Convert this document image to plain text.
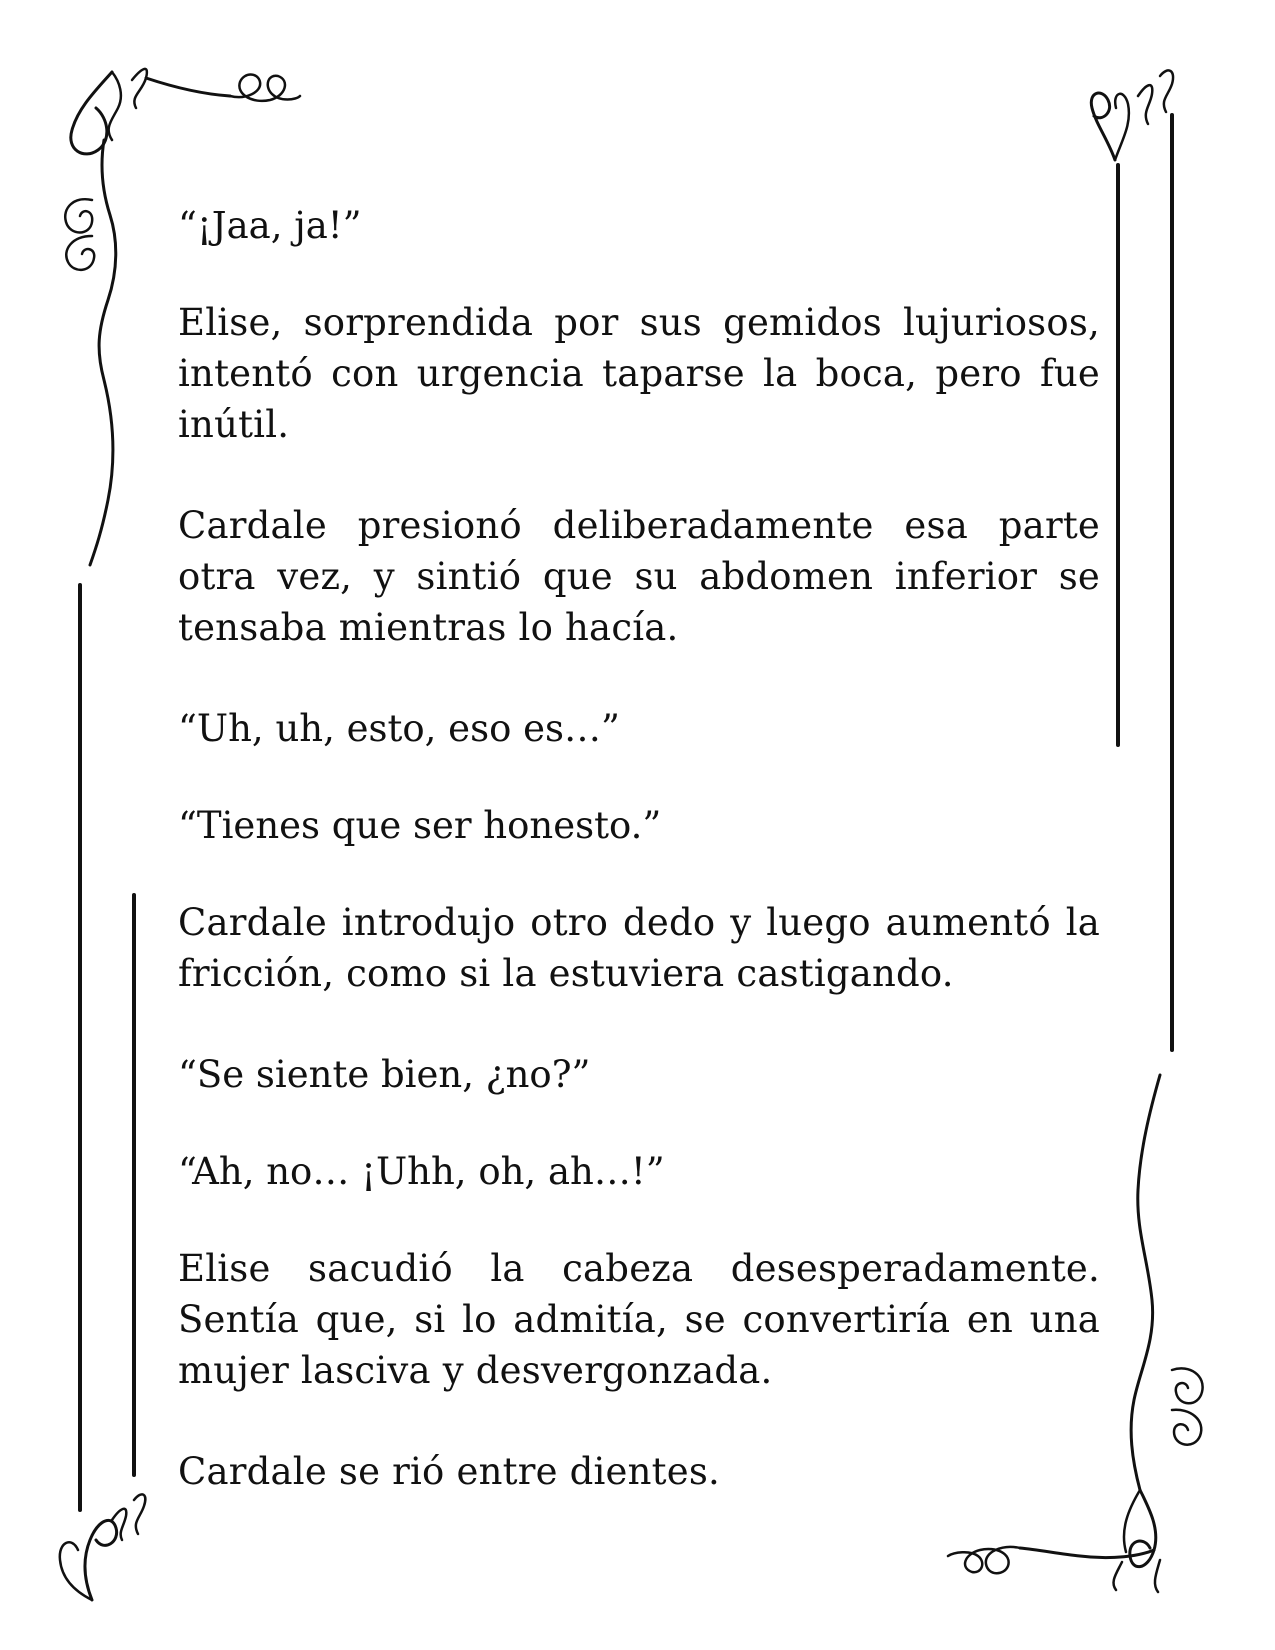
“¡Jaa, ja!”

Elise, sorprendida por sus gemidos lujuriosos, intentó con urgencia taparse la boca, pero fue inútil.

Cardale presionó deliberadamente esa parte otra vez, y sintió que su abdomen inferior se tensaba mientras lo hacía.

“Uh, uh, esto, eso es…”

“Tienes que ser honesto.”

Cardale introdujo otro dedo y luego aumentó la fricción, como si la estuviera castigando.

“Se siente bien, ¿no?”

“Ah, no… ¡Uhh, oh, ah…!”

Elise sacudió la cabeza desesperadamente. Sentía que, si lo admitía, se convertiría en una mujer lasciva y desvergonzada.

Cardale se rió entre dientes.
